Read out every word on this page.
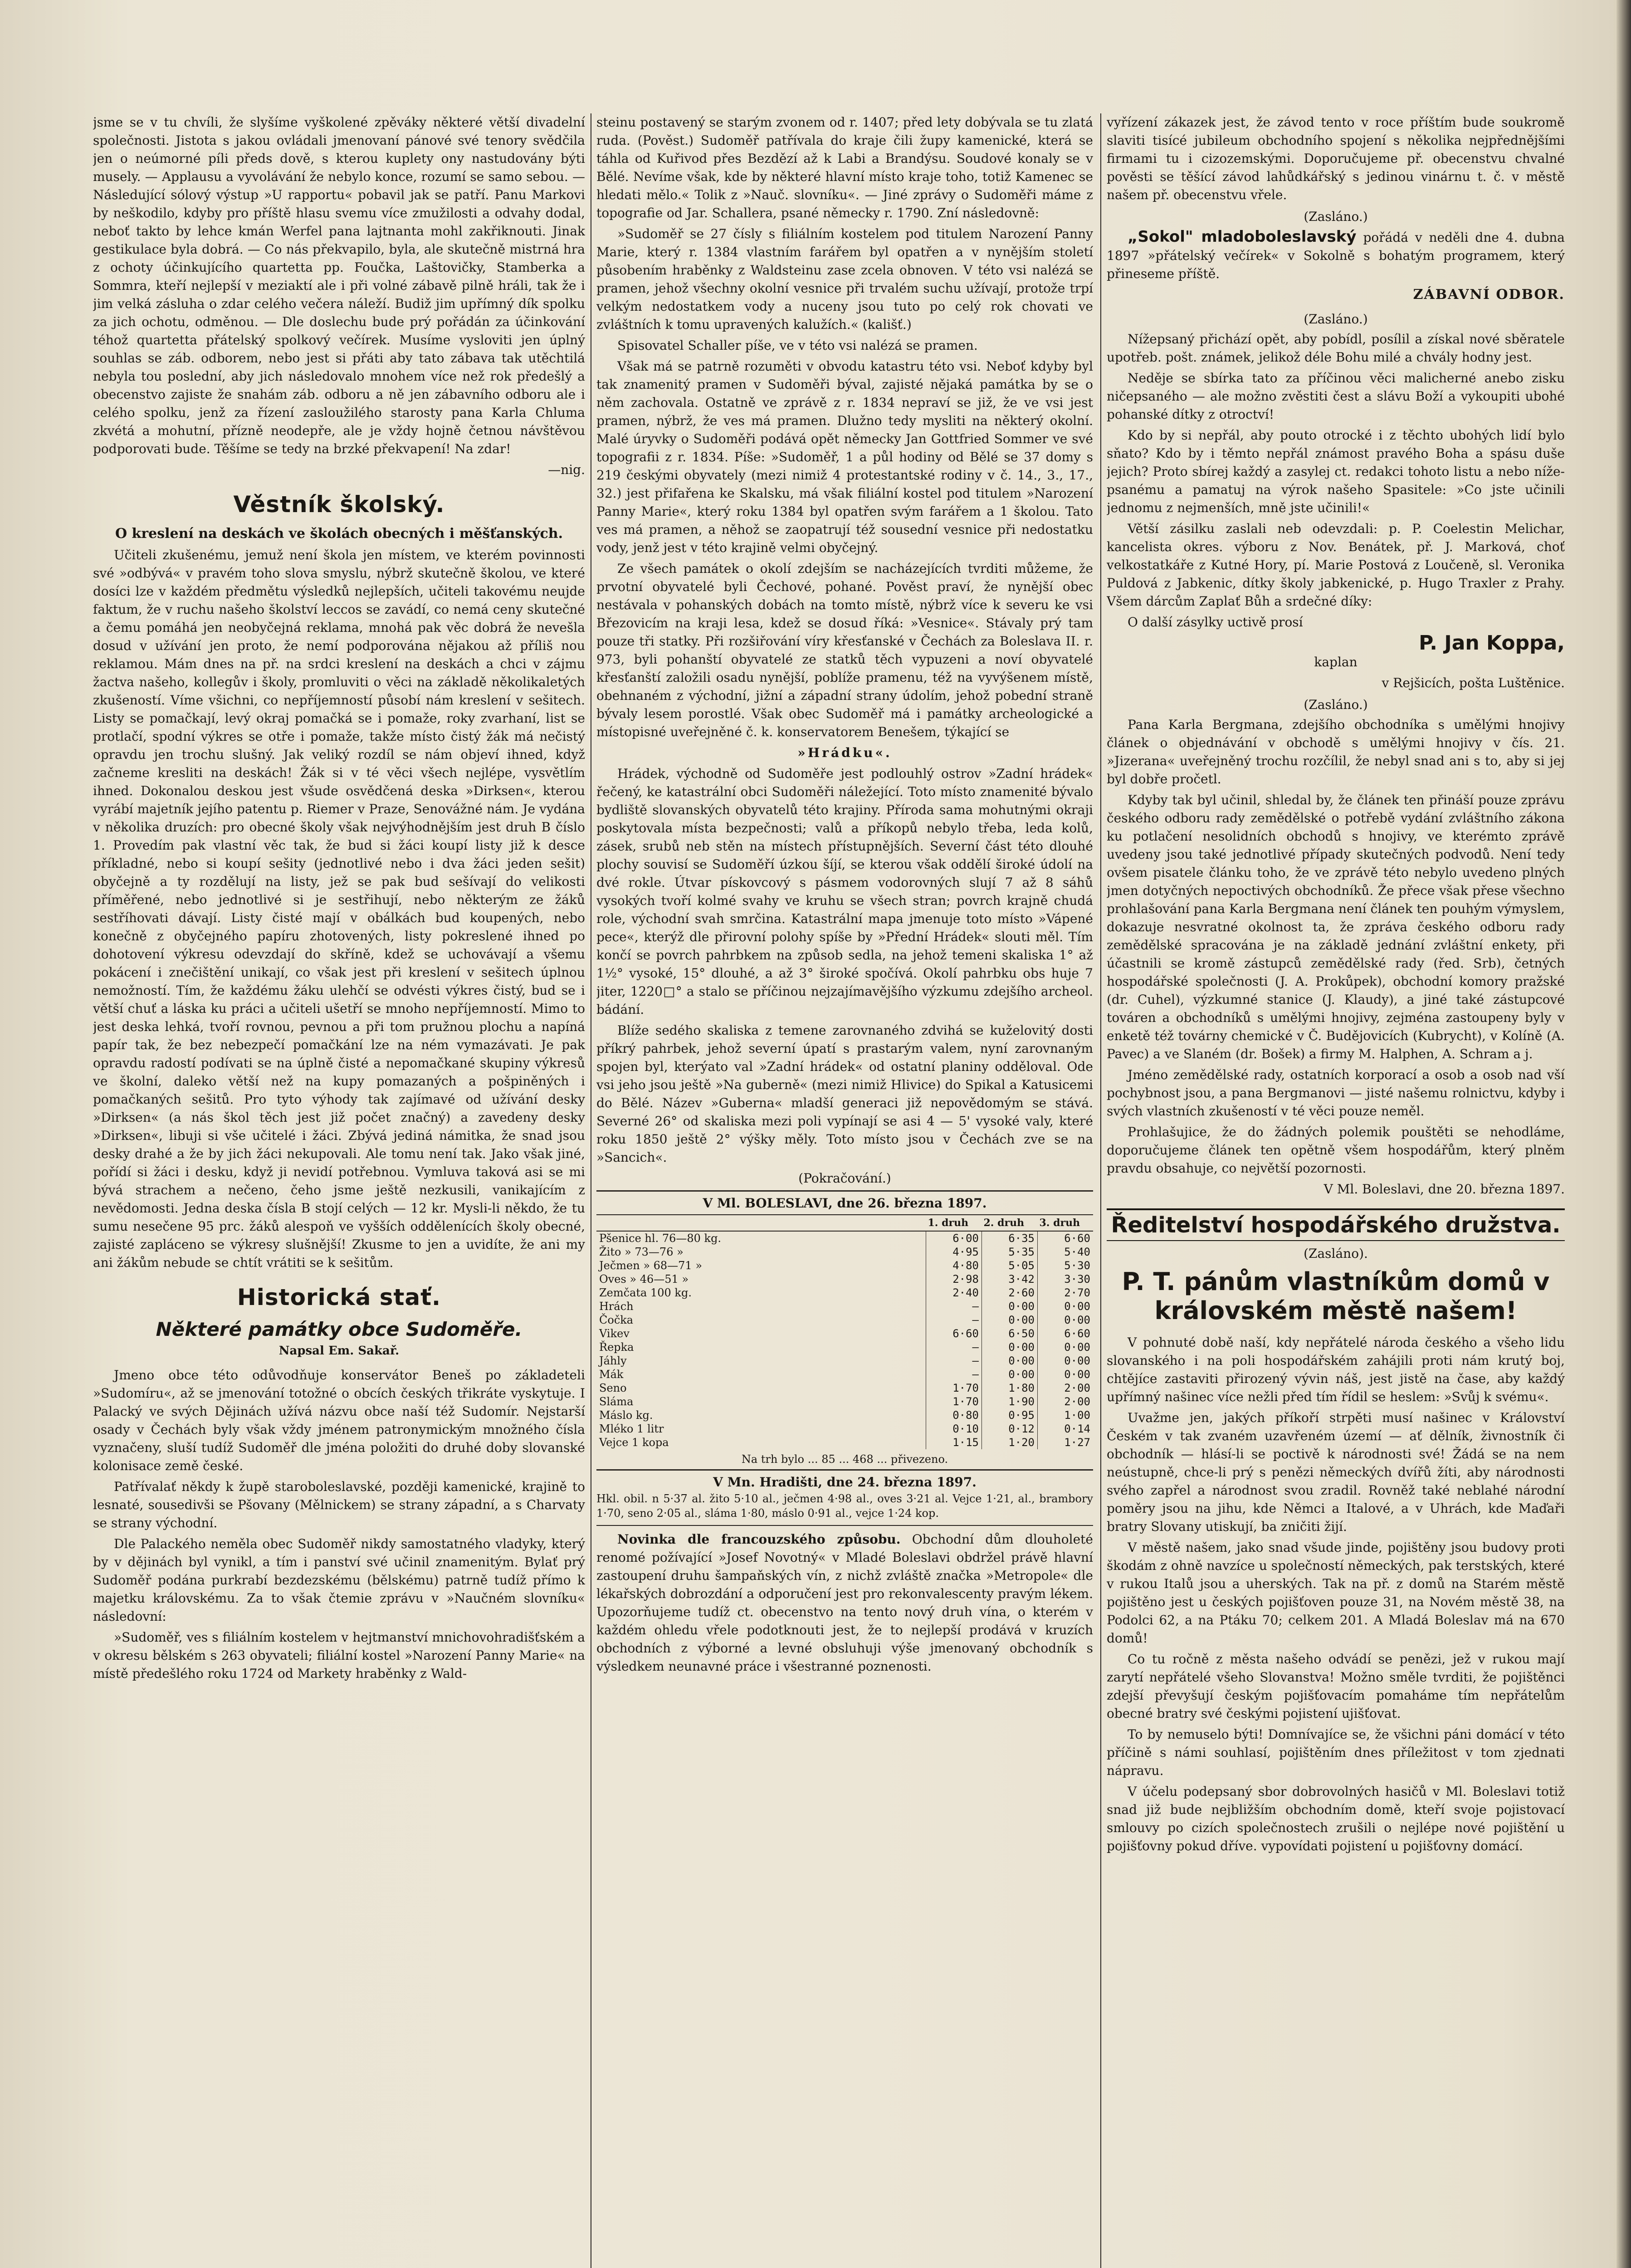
jsme se v tu chvíli, že slyšíme vyškolené zpěváky některé větší divadelní společnosti. Jistota s jakou ovládali jmenovaní pánové své tenory svědčila jen o neúmorné píli předs dově, s kterou kuplety ony nastudovány býti musely. — Applausu a vyvolávání že nebylo konce, rozumí se samo sebou. — Následující sólový výstup »U rapportu« pobavil jak se patří. Panu Markovi by neškodilo, kdyby pro příště hlasu svemu více zmužilosti a odvahy dodal, neboť takto by lehce kmán Werfel pana lajtnanta mohl zakřiknouti. Jinak gestikulace byla dobrá. — Co nás překvapilo, byla, ale skutečně mistrná hra z ochoty účinkujícího quartetta pp. Foučka, Laštovičky, Stamberka a Sommra, kteří nejlepší v meziaktí ale i při volné zábavě pilně hráli, tak že i jim velká zásluha o zdar celého večera náleží. Budiž jim upřímný dík spolku za jich ochotu, odměnou. — Dle doslechu bude prý pořádán za účinkování téhož quartetta přátelský spolkový večírek. Musíme vysloviti jen úplný souhlas se záb. odborem, nebo jest si přáti aby tato zábava tak utěchtilá nebyla tou poslední, aby jich následovalo mnohem více než rok předešlý a obecenstvo zajiste že snahám záb. odboru a ně jen zábavního odboru ale i celého spolku, jenž za řízení zasloužilého starosty pana Karla Chluma zkvétá a mohutní, přízně neodepře, ale je vždy hojně četnou návštěvou podporovati bude. Těšíme se tedy na brzké překvapení! Na zdar!

—nig.

Věstník školský.
O kreslení na deskách ve školách obecných i měšťanských.

Učiteli zkušenému, jemuž není škola jen místem, ve kterém povinnosti své »odbývá« v pravém toho slova smyslu, nýbrž skutečně školou, ve které dosíci lze v každém předmětu výsledků nejlepších, učiteli takovému neujde faktum, že v ruchu našeho školství leccos se zavádí, co nemá ceny skutečné a čemu pomáhá jen neobyčejná reklama, mnohá pak věc dobrá že nevešla dosud v užívání jen proto, že nemí podporována nějakou až příliš nou reklamou. Mám dnes na př. na srdci kreslení na deskách a chci v zájmu žactva našeho, kollegův i školy, promluviti o věci na základě několikaletých zkušeností. Víme všichni, co nepříjemností působí nám kreslení v sešitech. Listy se pomačkají, levý okraj pomačká se i pomaže, roky zvarhaní, list se protlačí, spodní výkres se otře i pomaže, takže místo čistý žák má nečistý opravdu jen trochu slušný. Jak veliký rozdíl se nám objeví ihned, když začneme kresliti na deskách! Žák si v té věci všech nejlépe, vysvětlím ihned. Dokonalou deskou jest všude osvědčená deska »Dirksen«, kterou vyrábí majetník jejího patentu p. Riemer v Praze, Senovážné nám. Je vydána v několika druzích: pro obecné školy však nejvýhodnějším jest druh B číslo 1. Provedím pak vlastní věc tak, že bud si žáci koupí listy již k desce příkladné, nebo si koupí sešity (jednotlivé nebo i dva žáci jeden sešit) obyčejně a ty rozdělují na listy, jež se pak bud sešívají do velikosti příměřené, nebo jednotlivé si je sestřihují, nebo některým ze žáků sestříhovati dávají. Listy čisté mají v obálkách bud koupených, nebo konečně z obyčejného papíru zhotovených, listy pokreslené ihned po dohotovení výkresu odevzdají do skříně, kdež se uchovávají a všemu pokácení i znečištění unikají, co však jest při kreslení v sešitech úplnou nemožností. Tím, že každému žáku ulehčí se odvésti výkres čistý, bud se i větší chuť a láska ku práci a učiteli ušetří se mnoho nepříjemností. Mimo to jest deska lehká, tvoří rovnou, pevnou a při tom pružnou plochu a napíná papír tak, že bez nebezpečí pomačkání lze na ném vymazávati. Je pak opravdu radostí podívati se na úplně čisté a nepomačkané skupiny výkresů ve školní, daleko větší než na kupy pomazaných a pošpiněných i pomačkaných sešitů. Pro tyto výhody tak zajímavé od užívání desky »Dirksen« (a nás škol těch jest již počet značný) a zavedeny desky »Dirksen«, libuji si vše učitelé i žáci. Zbývá jediná námitka, že snad jsou desky drahé a že by jich žáci nekupovali. Ale tomu není tak. Jako však jiné, pořídí si žáci i desku, když ji nevidí potřebnou. Vymluva taková asi se mi bývá strachem a nečeno, čeho jsme ještě nezkusili, vanikajícím z nevědomosti. Jedna deska čísla B stojí celých — 12 kr. Mysli-li někdo, že tu sumu nesečene 95 prc. žáků alespoň ve vyšších oddělenících školy obecné, zajisté zapláceno se výkresy slušnější! Zkusme to jen a uvidíte, že ani my ani žákům nebude se chtít vrátiti se k sešitům.

Historická stať.
Některé památky obce Sudoměře.
Napsal Em. Sakař.

Jmeno obce této odůvodňuje konservátor Beneš po základeteli »Sudomíru«, až se jmenování totožné o obcích českých třikráte vyskytuje. I Palacký ve svých Dějinách užívá názvu obce naší též Sudomír. Nejstarší osady v Čechách byly však vždy jménem patronymickým množného čísla vyznačeny, sluší tudíž Sudoměř dle jména položiti do druhé doby slovanské kolonisace země české.

Patřívalať někdy k župě staroboleslavské, později kamenické, krajině to lesnaté, sousedivši se Pšovany (Mělnickem) se strany západní, a s Charvaty se strany východní.

Dle Palackého neměla obec Sudoměř nikdy samostatného vladyky, který by v dějinách byl vynikl, a tím i panství své učinil znamenitým. Bylať prý Sudoměř podána purkrabí bezdezskému (bělskému) patrně tudíž přímo k majetku královskému. Za to však čtemie zprávu v »Naučném slovníku« následovní:

»Sudoměř, ves s filiálním kostelem v hejtmanství mnichovohradišťském a v okresu bělském s 263 obyvateli; filiální kostel »Narození Panny Marie« na místě předešlého roku 1724 od Markety hraběnky z Wald-

steinu postavený se starým zvonem od r. 1407; před lety dobývala se tu zlatá ruda. (Pověst.) Sudoměř patřívala do kraje čili župy kamenické, která se táhla od Kuřivod přes Bezdězí až k Labi a Brandýsu. Soudové konaly se v Bělé. Nevíme však, kde by některé hlavní místo kraje toho, totiž Kamenec se hledati mělo.« Tolik z »Nauč. slovníku«. — Jiné zprávy o Sudoměři máme z topografie od Jar. Schallera, psané německy r. 1790. Zní následovně:

»Sudoměř se 27 čísly s filiálním kostelem pod titulem Narození Panny Marie, který r. 1384 vlastním farářem byl opatřen a v nynějším století působením hraběnky z Waldsteinu zase zcela obnoven. V této vsi nalézá se pramen, jehož všechny okolní vesnice při trvalém suchu užívají, protože trpí velkým nedostatkem vody a nuceny jsou tuto po celý rok chovati ve zvláštních k tomu upravených kalužích.« (kališť.)

Spisovatel Schaller píše, ve v této vsi nalézá se pramen.

Však má se patrně rozuměti v obvodu katastru této vsi. Neboť kdyby byl tak znamenitý pramen v Sudoměři býval, zajisté nějaká památka by se o něm zachovala. Ostatně ve zprávě z r. 1834 nepraví se již, že ve vsi jest pramen, nýbrž, že ves má pramen. Dlužno tedy mysliti na některý okolní. Malé úryvky o Sudoměři podává opět německy Jan Gottfried Sommer ve své topografii z r. 1834. Píše: »Sudoměř, 1 a půl hodiny od Bělé se 37 domy s 219 českými obyvately (mezi nimiž 4 protestantské rodiny v č. 14., 3., 17., 32.) jest přifařena ke Skalsku, má však filiální kostel pod titulem »Narození Panny Marie«, který roku 1384 byl opatřen svým farářem a 1 školou. Tato ves má pramen, a něhož se zaopatrují též sousední vesnice při nedostatku vody, jenž jest v této krajině velmi obyčejný.

Ze všech památek o okolí zdejším se nacházejících tvrditi můžeme, že prvotní obyvatelé byli Čechové, pohané. Pověst praví, že nynější obec nestávala v pohanských dobách na tomto místě, nýbrž více k severu ke vsi Březovicím na kraji lesa, kdež se dosud říká: »Vesnice«. Stávaly prý tam pouze tři statky. Při rozšiřování víry křesťanské v Čechách za Boleslava II. r. 973, byli pohanští obyvatelé ze statků těch vypuzeni a noví obyvatelé křesťanští založili osadu nynější, poblíže pramenu, též na vyvýšenem místě, obehnaném z východní, jižní a západní strany údolím, jehož pobední straně bývaly lesem porostlé. Však obec Sudoměř má i památky archeologické a místopisné uveřejněné č. k. konservatorem Benešem, týkající se

»Hrádku«.

Hrádek, východně od Sudoměře jest podlouhlý ostrov »Zadní hrádek« řečený, ke katastrální obci Sudoměři náležející. Toto místo znamenité bývalo bydliště slovanských obyvatelů této krajiny. Příroda sama mohutnými okraji poskytovala místa bezpečnosti; valů a příkopů nebylo třeba, leda kolů, zásek, srubů neb stěn na místech přístupnějších. Severní část této dlouhé plochy souvisí se Sudoměří úzkou šíjí, se kterou však oddělí široké údolí na dvé rokle. Útvar pískovcový s pásmem vodorovných slují 7 až 8 sáhů vysokých tvoří kolmé svahy ve kruhu se všech stran; povrch krajně chudá role, východní svah smrčina. Katastrální mapa jmenuje toto místo »Vápené pece«, kterýž dle přirovní polohy spíše by »Přední Hrádek« slouti měl. Tím končí se povrch pahrbkem na způsob sedla, na jehož temeni skaliska 1° až 1½° vysoké, 15° dlouhé, a až 3° široké spočívá. Okolí pahrbku obs huje 7 jiter, 1220□° a stalo se příčinou nejzajímavějšího výzkumu zdejšího archeol. bádání.

Blíže sedého skaliska z temene zarovnaného zdvihá se kuželovitý dosti příkrý pahrbek, jehož severní úpatí s prastarým valem, nyní zarovnaným spojen byl, kterýato val »Zadní hrádek« od ostatní planiny odděloval. Ode vsi jeho jsou ještě »Na guberně« (mezi nimiž Hlivice) do Spikal a Katusicemi do Bělé. Název »Guberna« mladší generaci již nepovědomým se stává. Severné 26° od skaliska mezi poli vypínají se asi 4 — 5' vysoké valy, které roku 1850 ještě 2° výšky měly. Toto místo jsou v Čechách zve se na »Sancich«.

(Pokračování.)

V Ml. BOLESLAVI, dne 26. března 1897.
	1. druh	2. druh	3. druh
Pšenice hl. 76—80 kg.	6·00	6·35	6·60
Žito » 73—76 »	4·95	5·35	5·40
Ječmen » 68—71 »	4·80	5·05	5·30
Oves » 46—51 »	2·98	3·42	3·30
Zemčata 100 kg.	2·40	2·60	2·70
Hrách	—	0·00	0·00
Čočka	—	0·00	0·00
Vikev	6·60	6·50	6·60
Řepka	—	0·00	0·00
Jáhly	—	0·00	0·00
Mák	—	0·00	0·00
Seno	1·70	1·80	2·00
Sláma	1·70	1·90	2·00
Máslo kg.	0·80	0·95	1·00
Mléko 1 litr	0·10	0·12	0·14
Vejce 1 kopa	1·15	1·20	1·27

Na trh bylo ... 85 ... 468 ... přivezeno.

V Mn. Hradišti, dne 24. března 1897.

Hkl. obil. n 5·37 al. žito 5·10 al., ječmen 4·98 al., oves 3·21 al. Vejce 1·21, al., brambory 1·70, seno 2·05 al., sláma 1·80, máslo 0·91 al., vejce 1·24 kop.

Novinka dle francouzského způsobu. Obchodní dům dlouholeté renomé požívající »Josef Novotný« v Mladé Boleslavi obdržel právě hlavní zastoupení druhu šampaňských vín, z nichž zvláště značka »Metropole« dle lékařských dobrozdání a odporučení jest pro rekonvalescenty pravým lékem. Upozorňujeme tudíž ct. obecenstvo na tento nový druh vína, o kterém v každém ohledu vřele podotknouti jest, že to nejlepší prodává v kruzích obchodních z výborné a levné obsluhuji výše jmenovaný obchodník s výsledkem neunavné práce i všestranné poznenosti.

vyřízení zákazek jest, že závod tento v roce příštím bude soukromě slaviti tisícé jubileum obchodního spojení s několika nejpřednějšími firmami tu i cizozemskými. Doporučujeme př. obecenstvu chvalné pověsti se těšící závod lahůdkářský s jedinou vinárnu t. č. v městě našem př. obecenstvu vřele.

(Zasláno.)

„Sokol" mladoboleslavský pořádá v neděli dne 4. dubna 1897 »přátelský večírek« v Sokolně s bohatým programem, který přineseme příště.

ZÁBAVNÍ ODBOR.
(Zasláno.)

Nížepsaný přichází opět, aby pobídl, posílil a získal nové sběratele upotřeb. pošt. známek, jelikož déle Bohu milé a chvály hodny jest.

Neděje se sbírka tato za příčinou věci malicherné anebo zisku ničepsaného — ale možno zvěstiti čest a slávu Boží a vykoupiti ubohé pohanské dítky z otroctví!

Kdo by si nepřál, aby pouto otrocké i z těchto ubohých lidí bylo sňato? Kdo by i těmto nepřál známost pravého Boha a spásu duše jejich? Proto sbírej každý a zasylej ct. redakci tohoto listu a nebo níže- psanému a pamatuj na výrok našeho Spasitele: »Co jste učinili jednomu z nejmenších, mně jste učinili!«

Větší zásilku zaslali neb odevzdali: p. P. Coelestin Melichar, kancelista okres. výboru z Nov. Benátek, př. J. Marková, choť velkostatkáře z Kutné Hory, pí. Marie Postová z Loučeně, sl. Veronika Puldová z Jabkenic, dítky školy jabkenické, p. Hugo Traxler z Prahy. Všem dárcům Zaplať Bůh a srdečné díky:

O další zásylky uctivě prosí

P. Jan Koppa,

kaplan

v Rejšicích, pošta Luštěnice.

(Zasláno.)

Pana Karla Bergmana, zdejšího obchodníka s umělými hnojivy článek o objednávání v obchodě s umělými hnojivy v čís. 21. »Jizerana« uveřejněný trochu rozčílil, že nebyl snad ani s to, aby si jej byl dobře pročetl.

Kdyby tak byl učinil, shledal by, že článek ten přináší pouze zprávu českého odboru rady zemědělské o potřebě vydání zvláštního zákona ku potlačení nesolidních obchodů s hnojivy, ve kterémto zprávě uvedeny jsou také jednotlivé případy skutečných podvodů. Není tedy ovšem pisatele článku toho, že ve zprávě této nebylo uvedeno plných jmen dotyčných nepoctivých obchodníků. Že přece však přese všechno prohlašování pana Karla Bergmana není článek ten pouhým výmyslem, dokazuje nesvratné okolnost ta, že zpráva českého odboru rady zemědělské spracována je na základě jednání zvláštní enkety, při účastnili se kromě zástupců zemědělské rady (řed. Srb), četných hospodářské společnosti (J. A. Prokůpek), obchodní komory pražské (dr. Cuhel), výzkumné stanice (J. Klaudy), a jiné také zástupcové továren a obchodníků s umělými hnojivy, zejména zastoupeny byly v enketě též továrny chemické v Č. Budějovicích (Kubrycht), v Kolíně (A. Pavec) a ve Slaném (dr. Bošek) a firmy M. Halphen, A. Schram a j.

Jméno zemědělské rady, ostatních korporací a osob a osob nad vší pochybnost jsou, a pana Bergmanovi — jisté našemu rolnictvu, kdyby i svých vlastních zkušeností v té věci pouze neměl.

Prohlašujice, že do žádných polemik pouštěti se nehodláme, doporučujeme článek ten opětně všem hospodářům, který plněm pravdu obsahuje, co největší pozornosti.

V Ml. Boleslavi, dne 20. března 1897.

Ředitelství hospodářského družstva.
(Zasláno).
P. T. pánům vlastníkům domů v královském městě našem!

V pohnuté době naší, kdy nepřátelé národa českého a všeho lidu slovanského i na poli hospodářském zahájili proti nám krutý boj, chtějíce zastaviti přirozený vývin náš, jest jistě na čase, aby každý upřímný našinec více nežli před tím řídil se heslem: »Svůj k svému«.

Uvažme jen, jakých příkoří strpěti musí našinec v Království Českém v tak zvaném uzavřeném území — ať dělník, živnostník či obchodník — hlásí-li se poctivě k národnosti své! Žádá se na nem neústupně, chce-li prý s penězi německých dvířů žíti, aby národnosti svého zapřel a národnost svou zradil. Rovněž také neblahé národní poměry jsou na jihu, kde Němci a Italové, a v Uhrách, kde Maďaři bratry Slovany utiskují, ba zničiti žijí.

V městě našem, jako snad všude jinde, pojištěny jsou budovy proti škodám z ohně navzíce u společností německých, pak terstských, které v rukou Italů jsou a uherských. Tak na př. z domů na Starém městě pojištěno jest u českých pojišťoven pouze 31, na Novém městě 38, na Podolci 62, a na Ptáku 70; celkem 201. A Mladá Boleslav má na 670 domů!

Co tu ročně z města našeho odvádí se penězi, jež v rukou mají zarytí nepřátelé všeho Slovanstva! Možno směle tvrditi, že pojištěnci zdejší převyšují českým pojišťovacím pomaháme tím nepřátelům obecné bratry své českými pojistení ujišťovat.

To by nemuselo býti! Domnívajíce se, že všichni páni domácí v této příčině s námi souhlasí, pojištěním dnes příležitost v tom zjednati nápravu.

V účelu podepsaný sbor dobrovolných hasičů v Ml. Boleslavi totiž snad již bude nejbližším obchodním domě, kteří svoje pojistovací smlouvy po cizích společnostech zrušili o nejlépe nové pojištění u pojišťovny pokud dříve. vypovídati pojistení u pojišťovny domácí.
